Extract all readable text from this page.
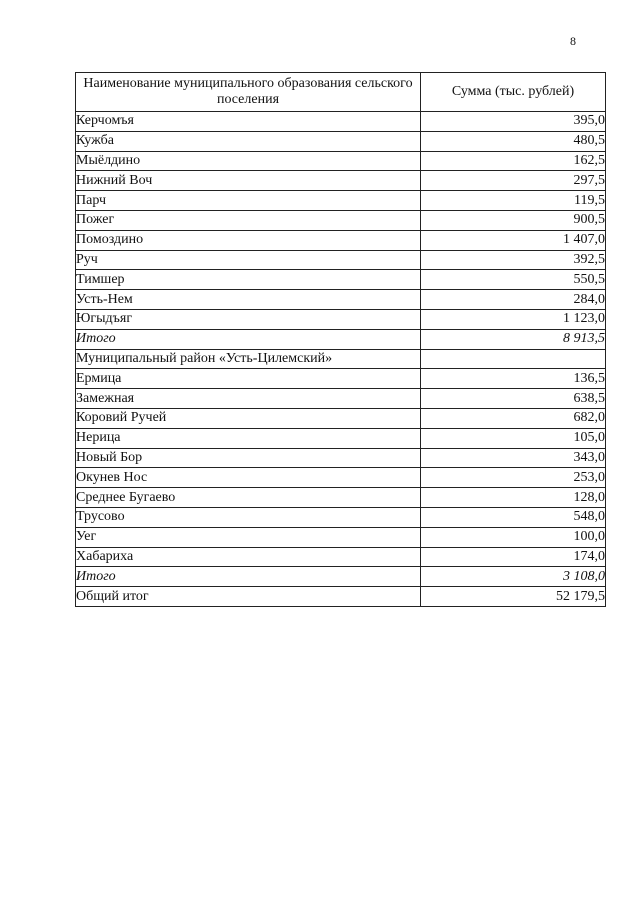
8
Наименование муниципального образования сельского поселения	Сумма (тыс. рублей)
Керчомъя	395,0
Кужба	480,5
Мыёлдино	162,5
Нижний Воч	297,5
Парч	119,5
Пожег	900,5
Помоздино	1 407,0
Руч	392,5
Тимшер	550,5
Усть-Нем	284,0
Югыдъяг	1 123,0
Итого	8 913,5
Муниципальный район «Усть-Цилемский»	
Ермица	136,5
Замежная	638,5
Коровий Ручей	682,0
Нерица	105,0
Новый Бор	343,0
Окунев Нос	253,0
Среднее Бугаево	128,0
Трусово	548,0
Уег	100,0
Хабариха	174,0
Итого	3 108,0
Общий итог	52 179,5
